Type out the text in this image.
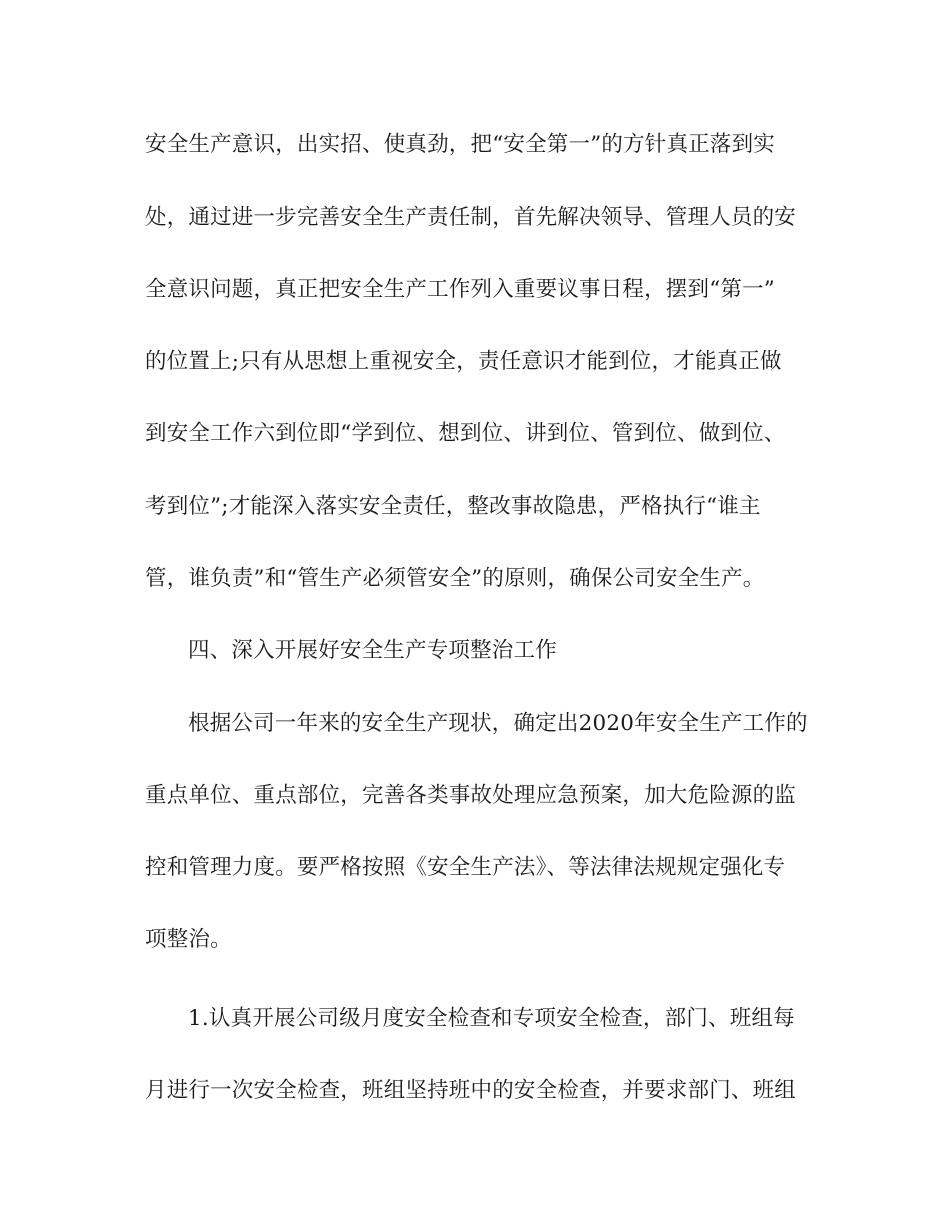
安全生产意识，出实招、使真劲，把“安全第一”的方针真正落到实
处，通过进一步完善安全生产责任制，首先解决领导、管理人员的安
全意识问题，真正把安全生产工作列入重要议事日程，摆到“第一”
的位置上;只有从思想上重视安全，责任意识才能到位，才能真正做
到安全工作六到位即“学到位、想到位、讲到位、管到位、做到位、
考到位”;才能深入落实安全责任，整改事故隐患，严格执行“谁主
管，谁负责”和“管生产必须管安全”的原则，确保公司安全生产。
四、深入开展好安全生产专项整治工作
根据公司一年来的安全生产现状，确定出2020年安全生产工作的
重点单位、重点部位，完善各类事故处理应急预案，加大危险源的监
控和管理力度。要严格按照《安全生产法》、等法律法规规定强化专
项整治。
1.认真开展公司级月度安全检查和专项安全检查，部门、班组每
月进行一次安全检查，班组坚持班中的安全检查，并要求部门、班组
